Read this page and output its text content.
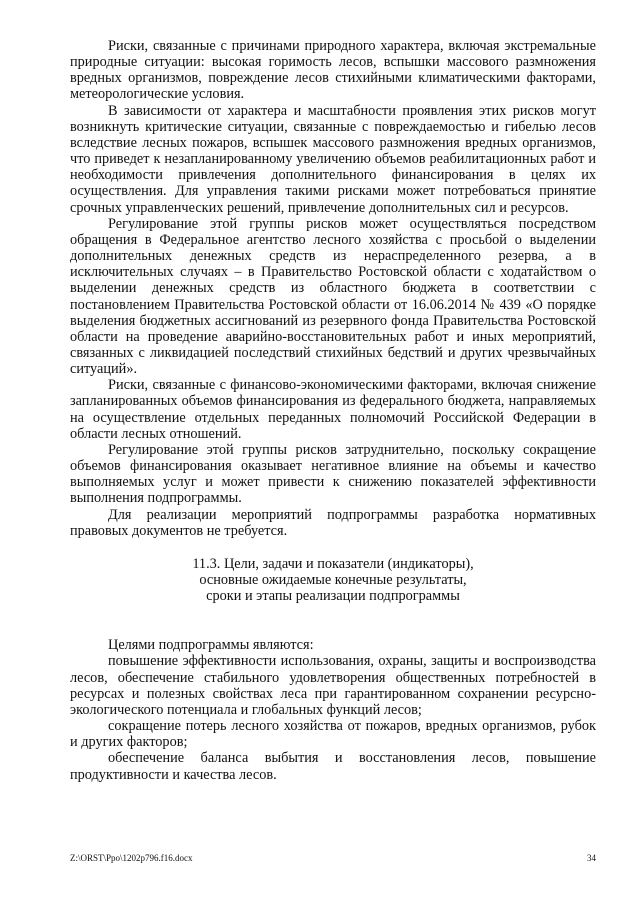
Риски, связанные с причинами природного характера, включая экстремальные природные ситуации: высокая горимость лесов, вспышки массового размножения вредных организмов, повреждение лесов стихийными климатическими факторами, метеорологические условия.

В зависимости от характера и масштабности проявления этих рисков могут возникнуть критические ситуации, связанные с повреждаемостью и гибелью лесов вследствие лесных пожаров, вспышек массового размножения вредных организмов, что приведет к незапланированному увеличению объемов реабилитационных работ и необходимости привлечения дополнительного финансирования в целях их осуществления. Для управления такими рисками может потребоваться принятие срочных управленческих решений, привлечение дополнительных сил и ресурсов.

Регулирование этой группы рисков может осуществляться посредством обращения в Федеральное агентство лесного хозяйства с просьбой о выделении дополнительных денежных средств из нераспределенного резерва, а в исключительных случаях – в Правительство Ростовской области с ходатайством о выделении денежных средств из областного бюджета в соответствии с постановлением Правительства Ростовской области от 16.06.2014 № 439 «О порядке выделения бюджетных ассигнований из резервного фонда Правительства Ростовской области на проведение аварийно-восстановительных работ и иных мероприятий, связанных с ликвидацией последствий стихийных бедствий и других чрезвычайных ситуаций».

Риски, связанные с финансово-экономическими факторами, включая снижение запланированных объемов финансирования из федерального бюджета, направляемых на осуществление отдельных переданных полномочий Российской Федерации в области лесных отношений.

Регулирование этой группы рисков затруднительно, поскольку сокращение объемов финансирования оказывает негативное влияние на объемы и качество выполняемых услуг и может привести к снижению показателей эффективности выполнения подпрограммы.

Для реализации мероприятий подпрограммы разработка нормативных правовых документов не требуется.

11.3. Цели, задачи и показатели (индикаторы),
основные ожидаемые конечные результаты,
сроки и этапы реализации подпрограммы

Целями подпрограммы являются:

повышение эффективности использования, охраны, защиты и воспроизводства лесов, обеспечение стабильного удовлетворения общественных потребностей в ресурсах и полезных свойствах леса при гарантированном сохранении ресурсно-экологического потенциала и глобальных функций лесов;

сокращение потерь лесного хозяйства от пожаров, вредных организмов, рубок и других факторов;

обеспечение баланса выбытия и восстановления лесов, повышение продуктивности и качества лесов.

Z:\ORST\Ppo\1202p796.f16.docx	34
